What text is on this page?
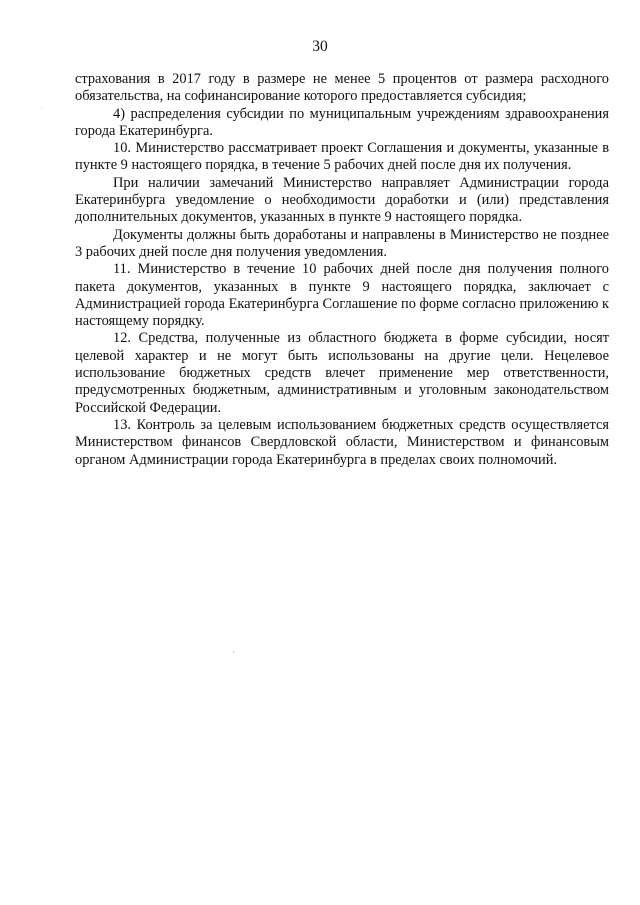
30

страхования в 2017 году в размере не менее 5 процентов от размера расходного обязательства, на софинансирование которого предоставляется субсидия;

4) распределения субсидии по муниципальным учреждениям здравоохранения города Екатеринбурга.

10. Министерство рассматривает проект Соглашения и документы, указанные в пункте 9 настоящего порядка, в течение 5 рабочих дней после дня их получения.

При наличии замечаний Министерство направляет Администрации города Екатеринбурга уведомление о необходимости доработки и (или) представления дополнительных документов, указанных в пункте 9 настоящего порядка.

Документы должны быть доработаны и направлены в Министерство не позднее 3 рабочих дней после дня получения уведомления.

11. Министерство в течение 10 рабочих дней после дня получения полного пакета документов, указанных в пункте 9 настоящего порядка, заключает с Администрацией города Екатеринбурга Соглашение по форме согласно приложению к настоящему порядку.

12. Средства, полученные из областного бюджета в форме субсидии, носят целевой характер и не могут быть использованы на другие цели. Нецелевое использование бюджетных средств влечет применение мер ответственности, предусмотренных бюджетным, административным и уголовным законодательством Российской Федерации.

13. Контроль за целевым использованием бюджетных средств осуществляется Министерством финансов Свердловской области, Министерством и финансовым органом Администрации города Екатеринбурга в пределах своих полномочий.
